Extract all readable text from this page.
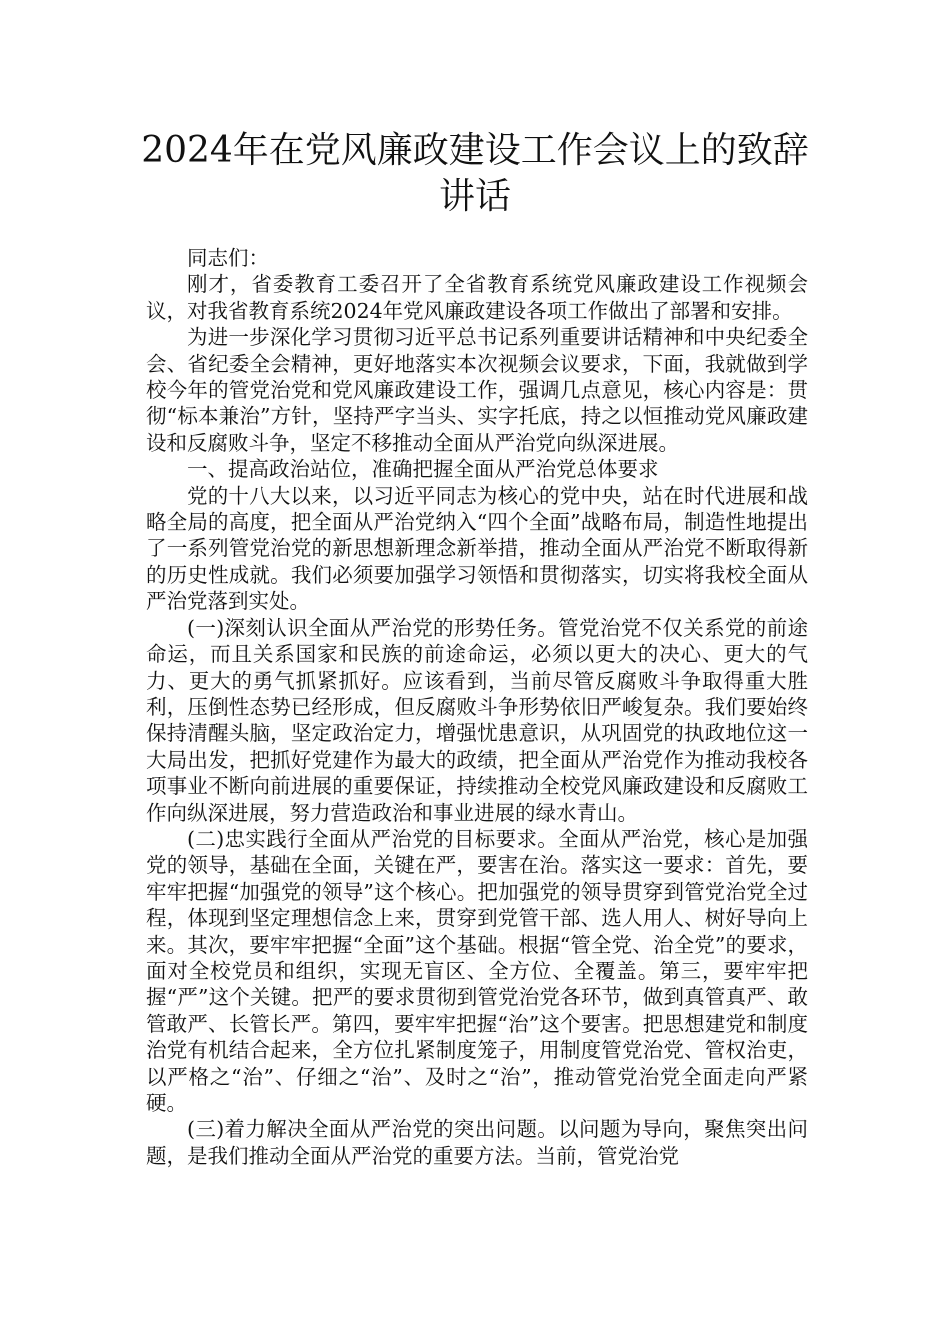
2024年在党风廉政建设工作会议上的致辞
讲话

同志们：

刚才，省委教育工委召开了全省教育系统党风廉政建设工作视频会议，对我省教育系统2024年党风廉政建设各项工作做出了部署和安排。

为进一步深化学习贯彻习近平总书记系列重要讲话精神和中央纪委全会、省纪委全会精神，更好地落实本次视频会议要求，下面，我就做到学校今年的管党治党和党风廉政建设工作，强调几点意见，核心内容是：贯彻“标本兼治”方针，坚持严字当头、实字托底，持之以恒推动党风廉政建设和反腐败斗争，坚定不移推动全面从严治党向纵深进展。

一、提高政治站位，准确把握全面从严治党总体要求

党的十八大以来，以习近平同志为核心的党中央，站在时代进展和战略全局的高度，把全面从严治党纳入“四个全面”战略布局，制造性地提出了一系列管党治党的新思想新理念新举措，推动全面从严治党不断取得新的历史性成就。我们必须要加强学习领悟和贯彻落实，切实将我校全面从严治党落到实处。

(一)深刻认识全面从严治党的形势任务。管党治党不仅关系党的前途命运，而且关系国家和民族的前途命运，必须以更大的决心、更大的气力、更大的勇气抓紧抓好。应该看到，当前尽管反腐败斗争取得重大胜利，压倒性态势已经形成，但反腐败斗争形势依旧严峻复杂。我们要始终保持清醒头脑，坚定政治定力，增强忧患意识，从巩固党的执政地位这一大局出发，把抓好党建作为最大的政绩，把全面从严治党作为推动我校各项事业不断向前进展的重要保证，持续推动全校党风廉政建设和反腐败工作向纵深进展，努力营造政治和事业进展的绿水青山。

(二)忠实践行全面从严治党的目标要求。全面从严治党，核心是加强党的领导，基础在全面，关键在严，要害在治。落实这一要求：首先，要牢牢把握“加强党的领导”这个核心。把加强党的领导贯穿到管党治党全过程，体现到坚定理想信念上来，贯穿到党管干部、选人用人、树好导向上来。其次，要牢牢把握“全面”这个基础。根据“管全党、治全党”的要求，面对全校党员和组织，实现无盲区、全方位、全覆盖。第三，要牢牢把握“严”这个关键。把严的要求贯彻到管党治党各环节，做到真管真严、敢管敢严、长管长严。第四，要牢牢把握“治”这个要害。把思想建党和制度治党有机结合起来，全方位扎紧制度笼子，用制度管党治党、管权治吏，以严格之“治”、仔细之“治”、及时之“治”，推动管党治党全面走向严紧硬。

(三)着力解决全面从严治党的突出问题。以问题为导向，聚焦突出问题，是我们推动全面从严治党的重要方法。当前，管党治党
